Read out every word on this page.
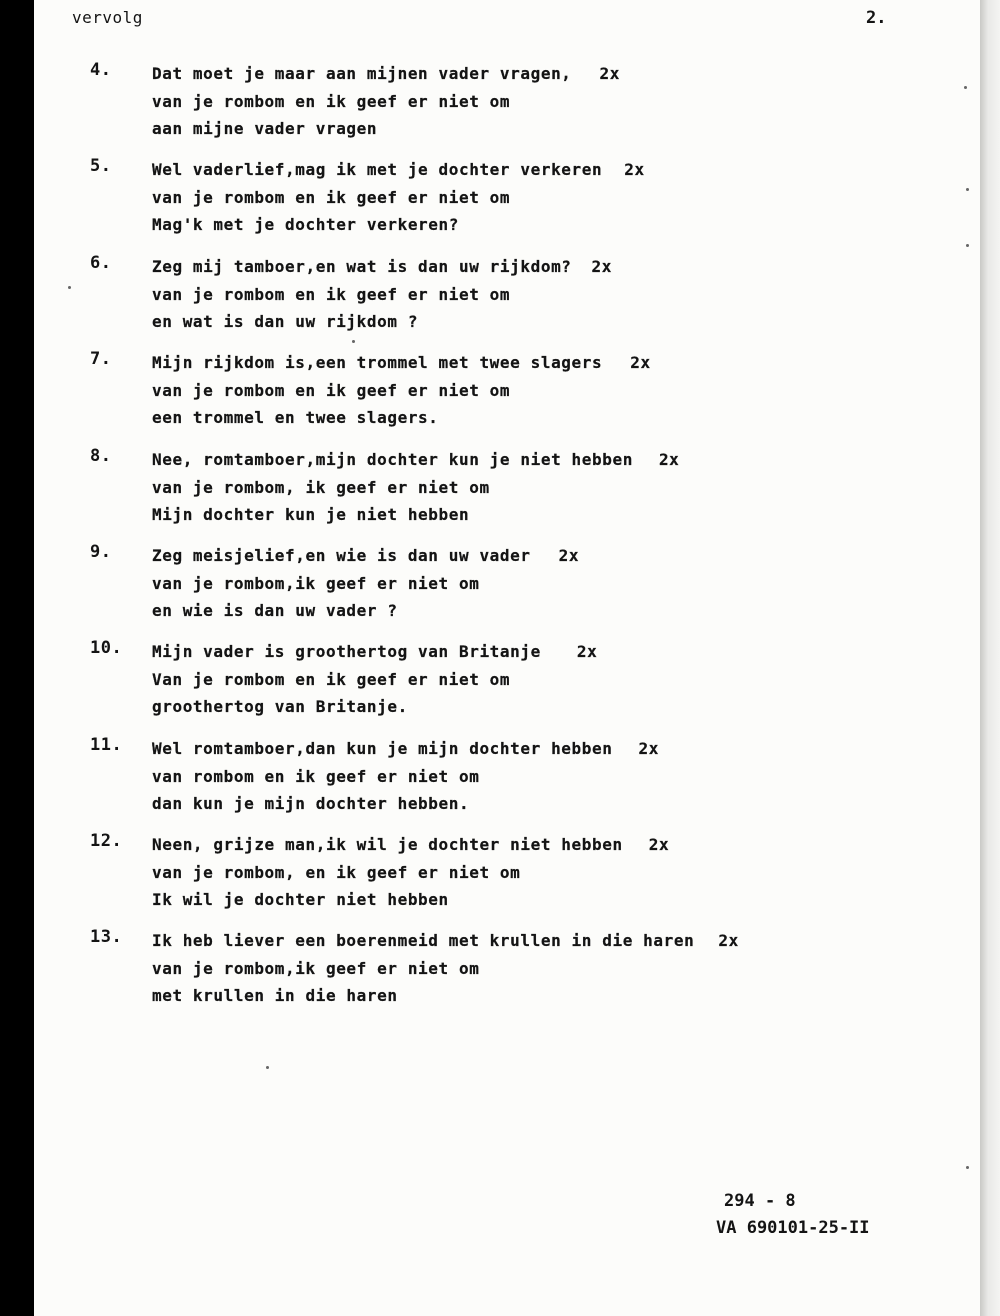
vervolg	2.
4.	Dat moet je maar aan mijnen vader vragen, 2x
van je rombom en ik geef er niet om
aan mijne vader vragen
5.	Wel vaderlief,mag ik met je dochter verkeren 2x
van je rombom en ik geef er niet om
Mag'k met je dochter verkeren?
6.	Zeg mij tamboer,en wat is dan uw rijkdom? 2x
van je rombom en ik geef er niet om
en wat is dan uw rijkdom ?
7.	Mijn rijkdom is,een trommel met twee slagers 2x
van je rombom en ik geef er niet om
een trommel en twee slagers.
8.	Nee, romtamboer,mijn dochter kun je niet hebben 2x
van je rombom, ik geef er niet om
Mijn dochter kun je niet hebben
9.	Zeg meisjelief,en wie is dan uw vader 2x
van je rombom,ik geef er niet om
en wie is dan uw vader ?
10. Mijn vader is groothertog van Britanje 2x
Van je rombom en ik geef er niet om
groothertog van Britanje.
11. Wel romtamboer,dan kun je mijn dochter hebben 2x
van rombom en ik geef er niet om
dan kun je mijn dochter hebben.
12. Neen, grijze man,ik wil je dochter niet hebben 2x
van je rombom, en ik geef er niet om
Ik wil je dochter niet hebben
13. Ik heb liever een boerenmeid met krullen in die haren 2x
van je rombom,ik geef er niet om
met krullen in die haren
294 - 8
VA 690101-25-II
